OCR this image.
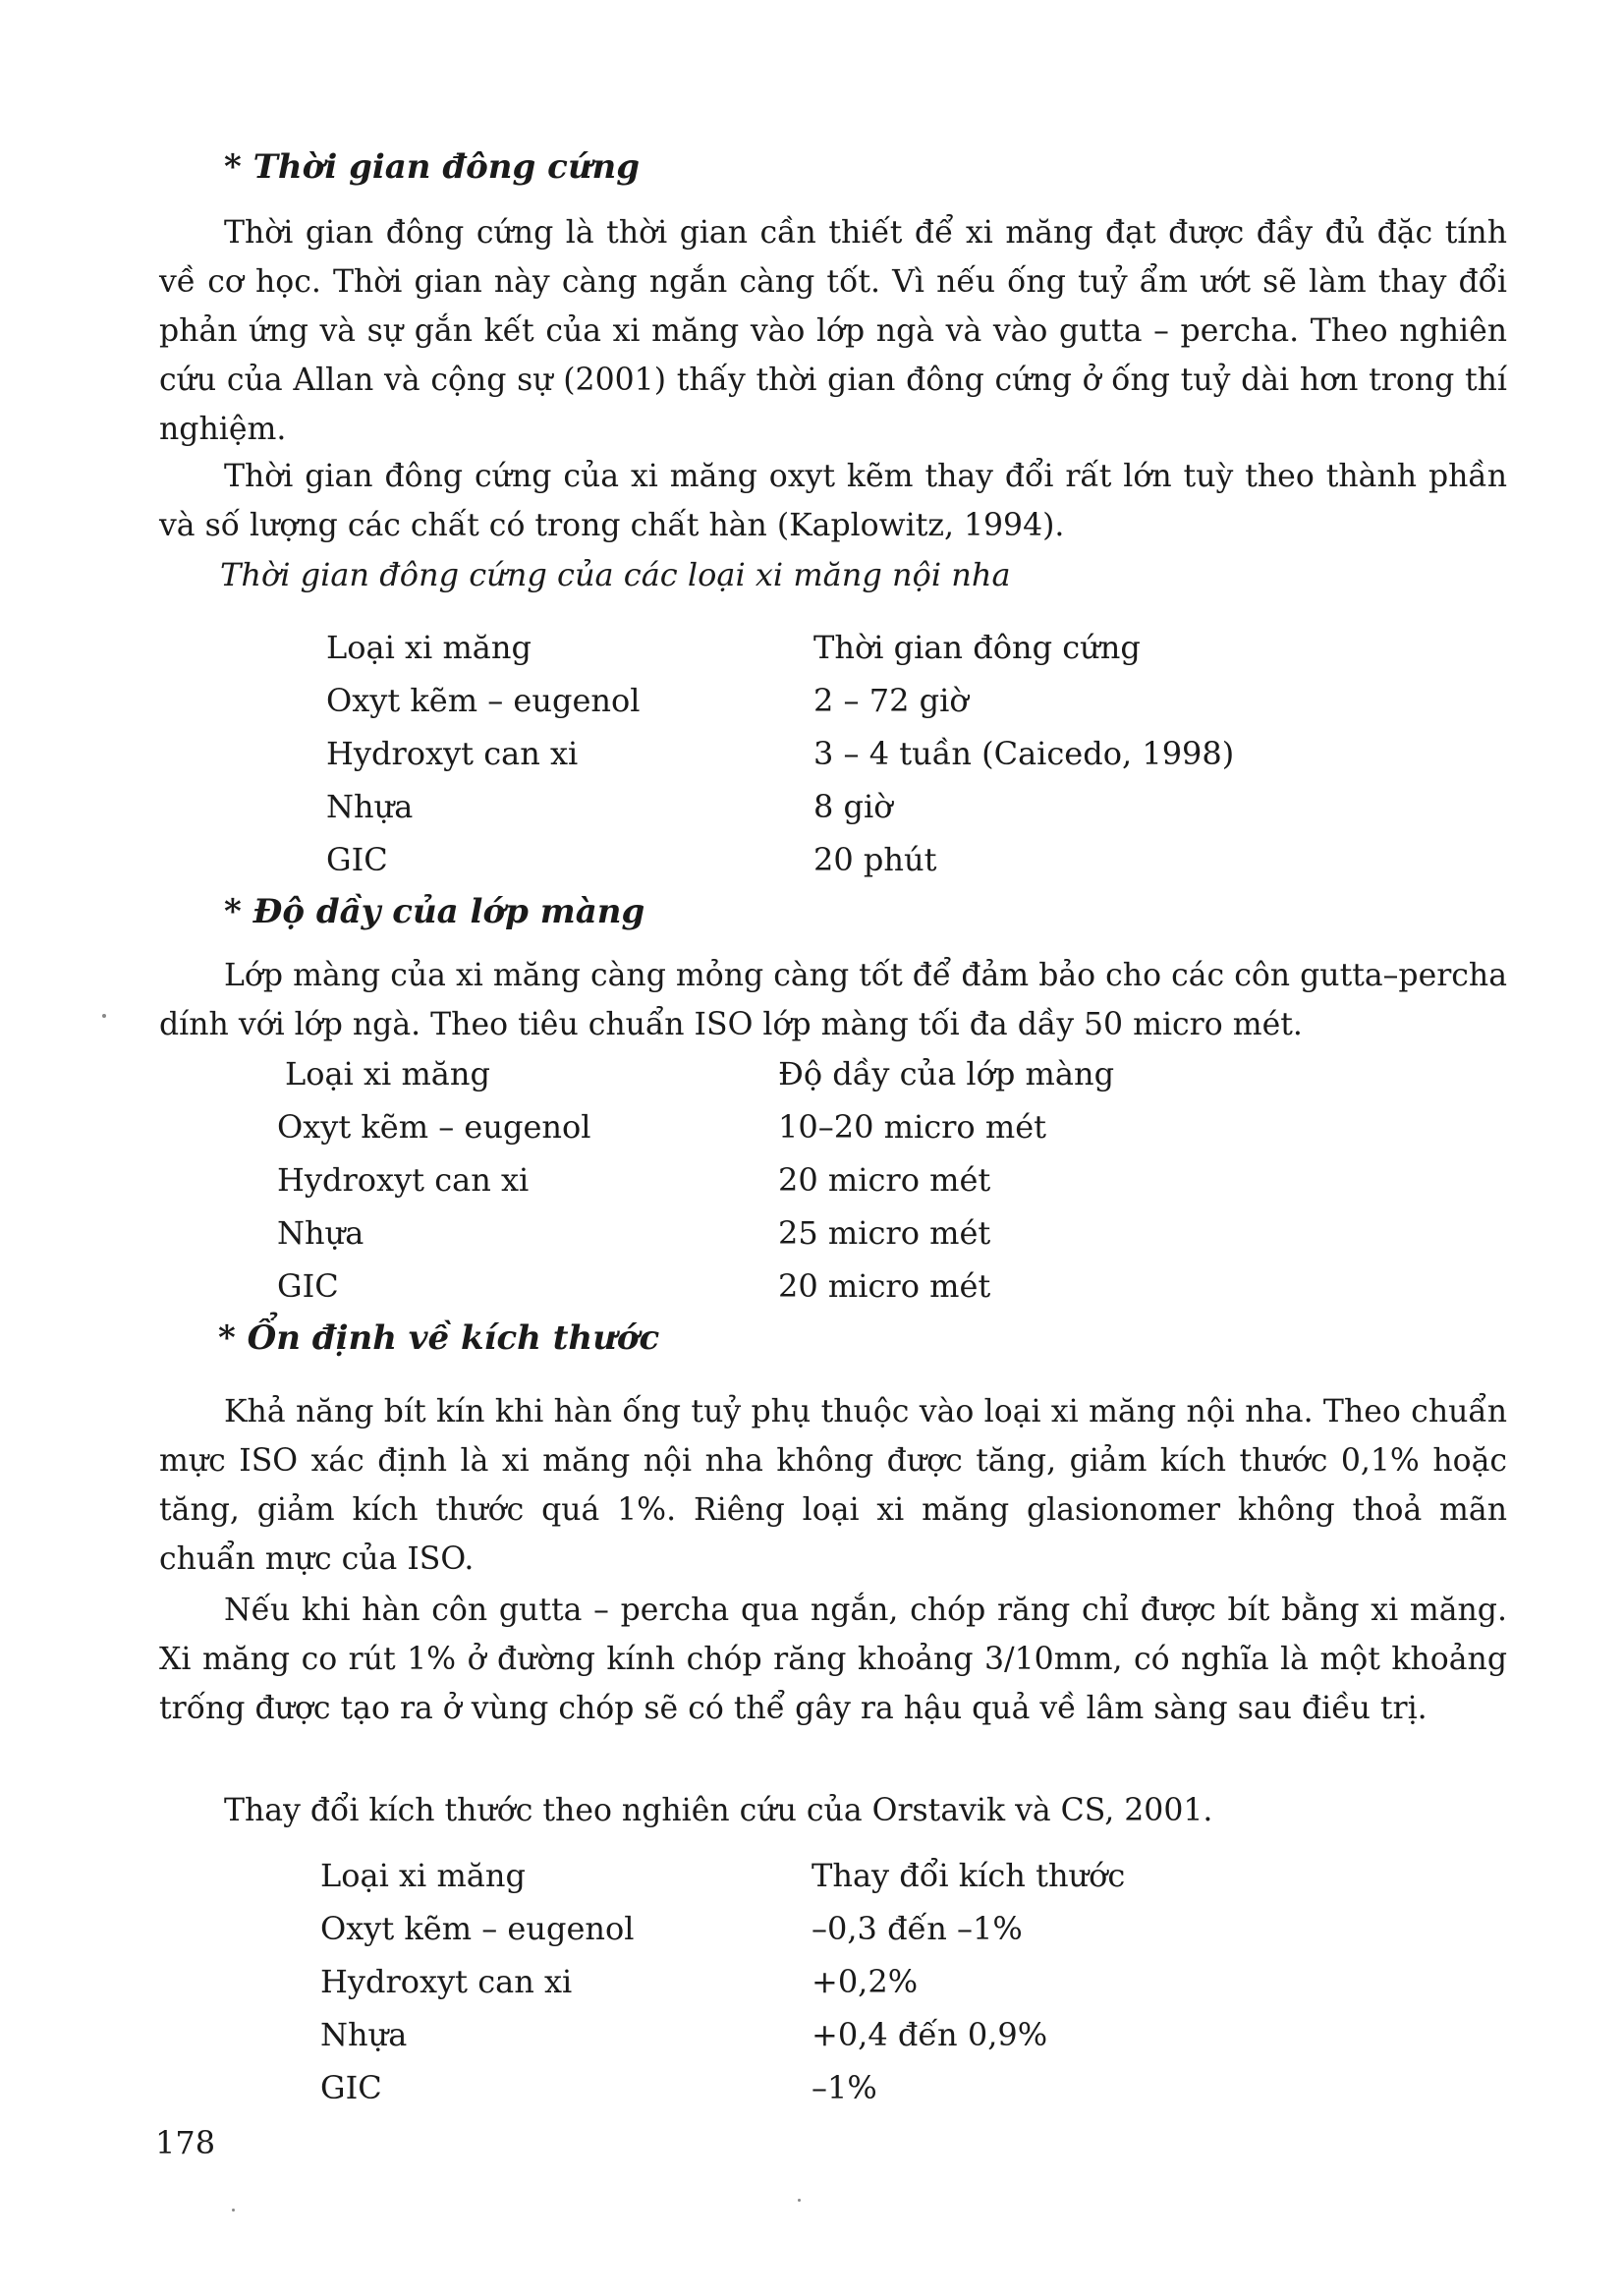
* Thời gian đông cứng
Thời gian đông cứng là thời gian cần thiết để xi măng đạt được đầy đủ đặc tính về cơ học. Thời gian này càng ngắn càng tốt. Vì nếu ống tuỷ ẩm ướt sẽ làm thay đổi phản ứng và sự gắn kết của xi măng vào lớp ngà và vào gutta – percha. Theo nghiên cứu của Allan và cộng sự (2001) thấy thời gian đông cứng ở ống tuỷ dài hơn trong thí nghiệm.
Thời gian đông cứng của xi măng oxyt kẽm thay đổi rất lớn tuỳ theo thành phần và số lượng các chất có trong chất hàn (Kaplowitz, 1994).
Thời gian đông cứng của các loại xi măng nội nha
Loại xi măng	Thời gian đông cứng
Oxyt kẽm – eugenol	2 – 72 giờ
Hydroxyt can xi	3 – 4 tuần (Caicedo, 1998)
Nhựa	8 giờ
GIC	20 phút
* Độ dầy của lớp màng
Lớp màng của xi măng càng mỏng càng tốt để đảm bảo cho các côn gutta–percha dính với lớp ngà. Theo tiêu chuẩn ISO lớp màng tối đa dầy 50 micro mét.
Loại xi măng	Độ dầy của lớp màng
Oxyt kẽm – eugenol	10–20 micro mét
Hydroxyt can xi	20 micro mét
Nhựa	25 micro mét
GIC	20 micro mét
* Ổn định về kích thước
Khả năng bít kín khi hàn ống tuỷ phụ thuộc vào loại xi măng nội nha. Theo chuẩn mực ISO xác định là xi măng nội nha không được tăng, giảm kích thước 0,1% hoặc tăng, giảm kích thước quá 1%. Riêng loại xi măng glasionomer không thoả mãn chuẩn mực của ISO.
Nếu khi hàn côn gutta – percha qua ngắn, chóp răng chỉ được bít bằng xi măng. Xi măng co rút 1% ở đường kính chóp răng khoảng 3/10mm, có nghĩa là một khoảng trống được tạo ra ở vùng chóp sẽ có thể gây ra hậu quả về lâm sàng sau điều trị.
Thay đổi kích thước theo nghiên cứu của Orstavik và CS, 2001.
Loại xi măng	Thay đổi kích thước
Oxyt kẽm – eugenol	–0,3 đến –1%
Hydroxyt can xi	+0,2%
Nhựa	+0,4 đến 0,9%
GIC	–1%
178
